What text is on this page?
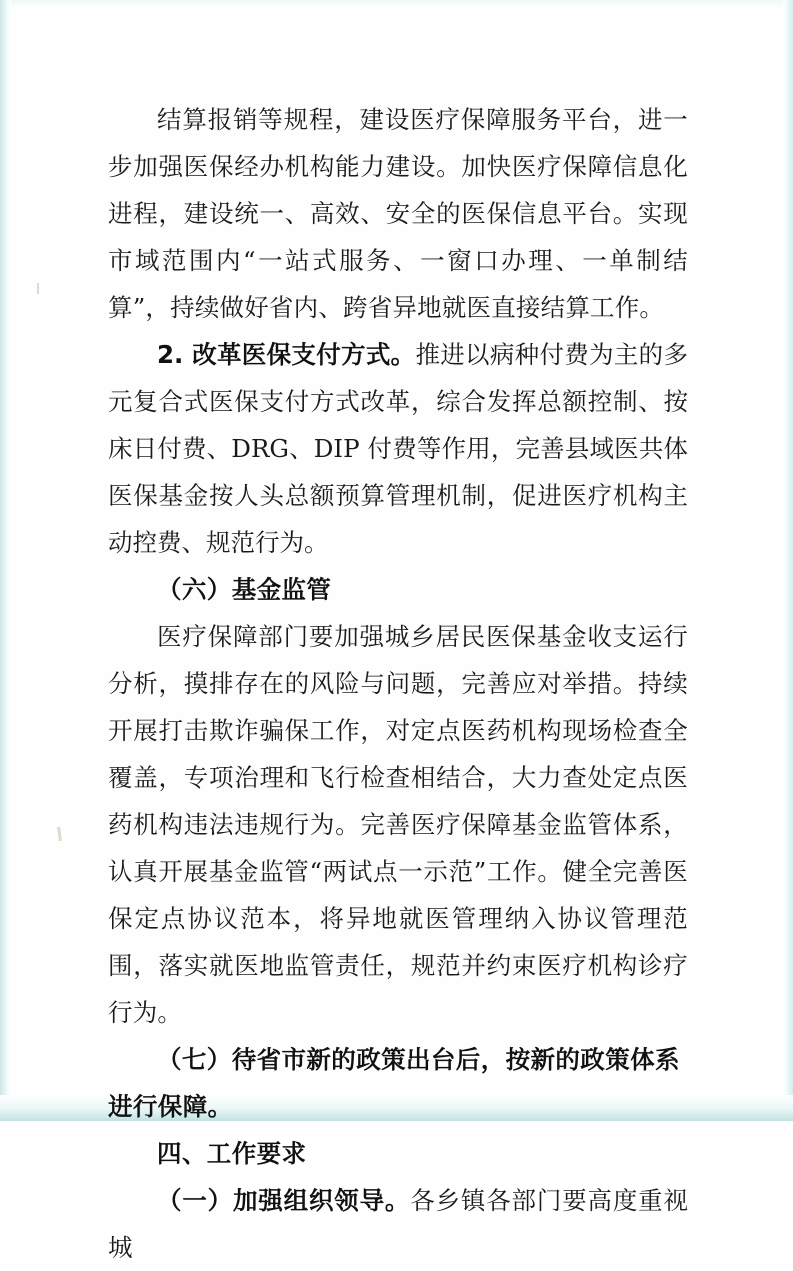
结算报销等规程，建设医疗保障服务平台，进一步加强医保经办机构能力建设。加快医疗保障信息化进程，建设统一、高效、安全的医保信息平台。实现市域范围内“一站式服务、一窗口办理、一单制结算”，持续做好省内、跨省异地就医直接结算工作。

2. 改革医保支付方式。推进以病种付费为主的多元复合式医保支付方式改革，综合发挥总额控制、按床日付费、DRG、DIP 付费等作用，完善县域医共体医保基金按人头总额预算管理机制，促进医疗机构主动控费、规范行为。

（六）基金监管

医疗保障部门要加强城乡居民医保基金收支运行分析，摸排存在的风险与问题，完善应对举措。持续开展打击欺诈骗保工作，对定点医药机构现场检查全覆盖，专项治理和飞行检查相结合，大力查处定点医药机构违法违规行为。完善医疗保障基金监管体系，认真开展基金监管“两试点一示范”工作。健全完善医保定点协议范本，将异地就医管理纳入协议管理范围，落实就医地监管责任，规范并约束医疗机构诊疗行为。

（七）待省市新的政策出台后，按新的政策体系进行保障。

四、工作要求

（一）加强组织领导。各乡镇各部门要高度重视城
